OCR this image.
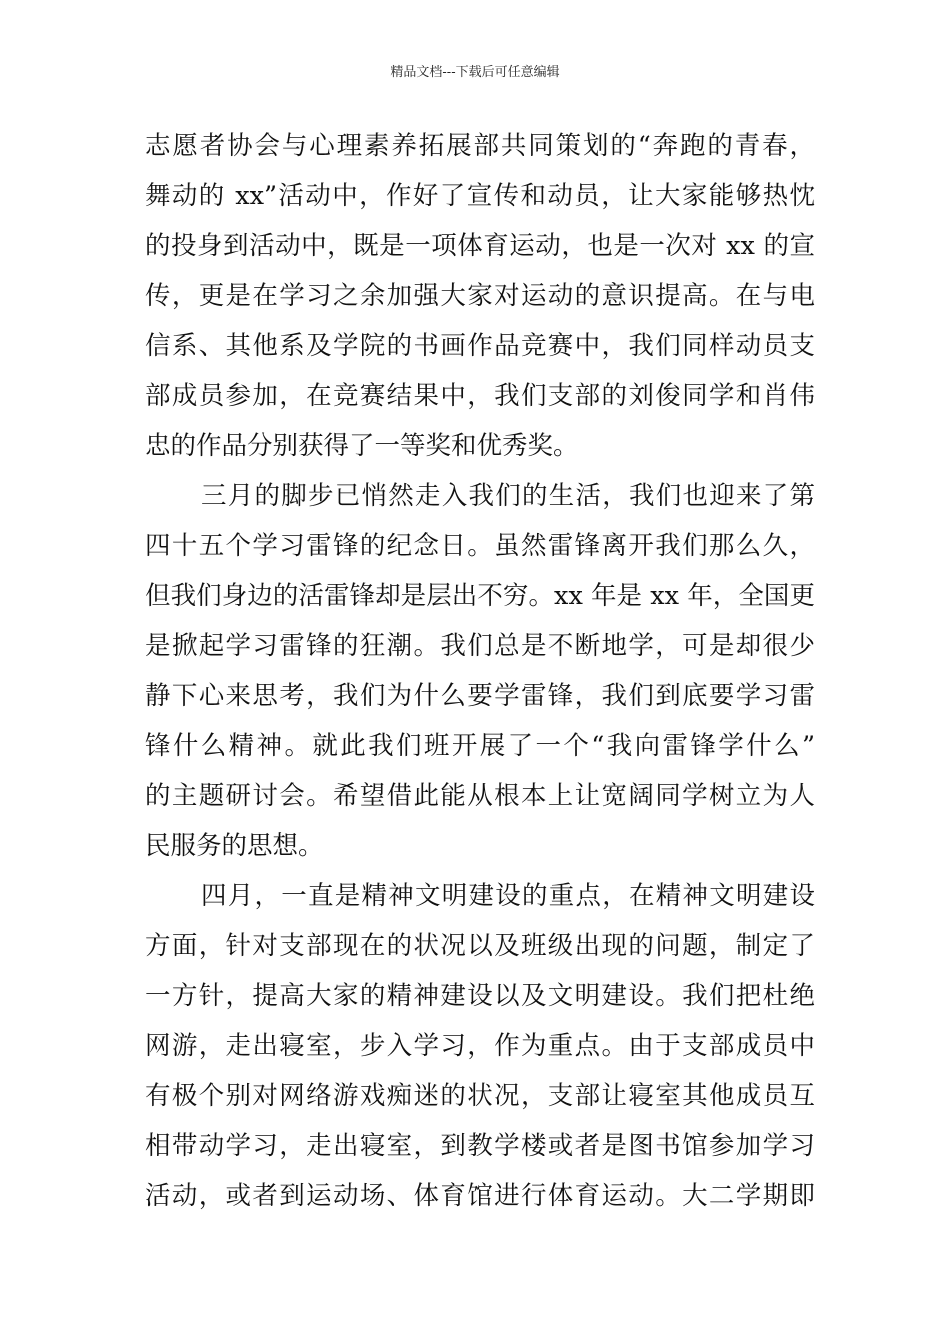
精品文档---下载后可任意编辑
志愿者协会与心理素养拓展部共同策划的“奔跑的青春，
舞动的 xx”活动中，作好了宣传和动员，让大家能够热忱
的投身到活动中，既是一项体育运动，也是一次对 xx 的宣
传，更是在学习之余加强大家对运动的意识提高。在与电
信系、其他系及学院的书画作品竞赛中，我们同样动员支
部成员参加，在竞赛结果中，我们支部的刘俊同学和肖伟
忠的作品分别获得了一等奖和优秀奖。
三月的脚步已悄然走入我们的生活，我们也迎来了第
四十五个学习雷锋的纪念日。虽然雷锋离开我们那么久，
但我们身边的活雷锋却是层出不穷。xx 年是 xx 年，全国更
是掀起学习雷锋的狂潮。我们总是不断地学，可是却很少
静下心来思考，我们为什么要学雷锋，我们到底要学习雷
锋什么精神。就此我们班开展了一个“我向雷锋学什么”
的主题研讨会。希望借此能从根本上让宽阔同学树立为人
民服务的思想。
四月，一直是精神文明建设的重点，在精神文明建设
方面，针对支部现在的状况以及班级出现的问题，制定了
一方针，提高大家的精神建设以及文明建设。我们把杜绝
网游，走出寝室，步入学习，作为重点。由于支部成员中
有极个别对网络游戏痴迷的状况，支部让寝室其他成员互
相带动学习，走出寝室，到教学楼或者是图书馆参加学习
活动，或者到运动场、体育馆进行体育运动。大二学期即
